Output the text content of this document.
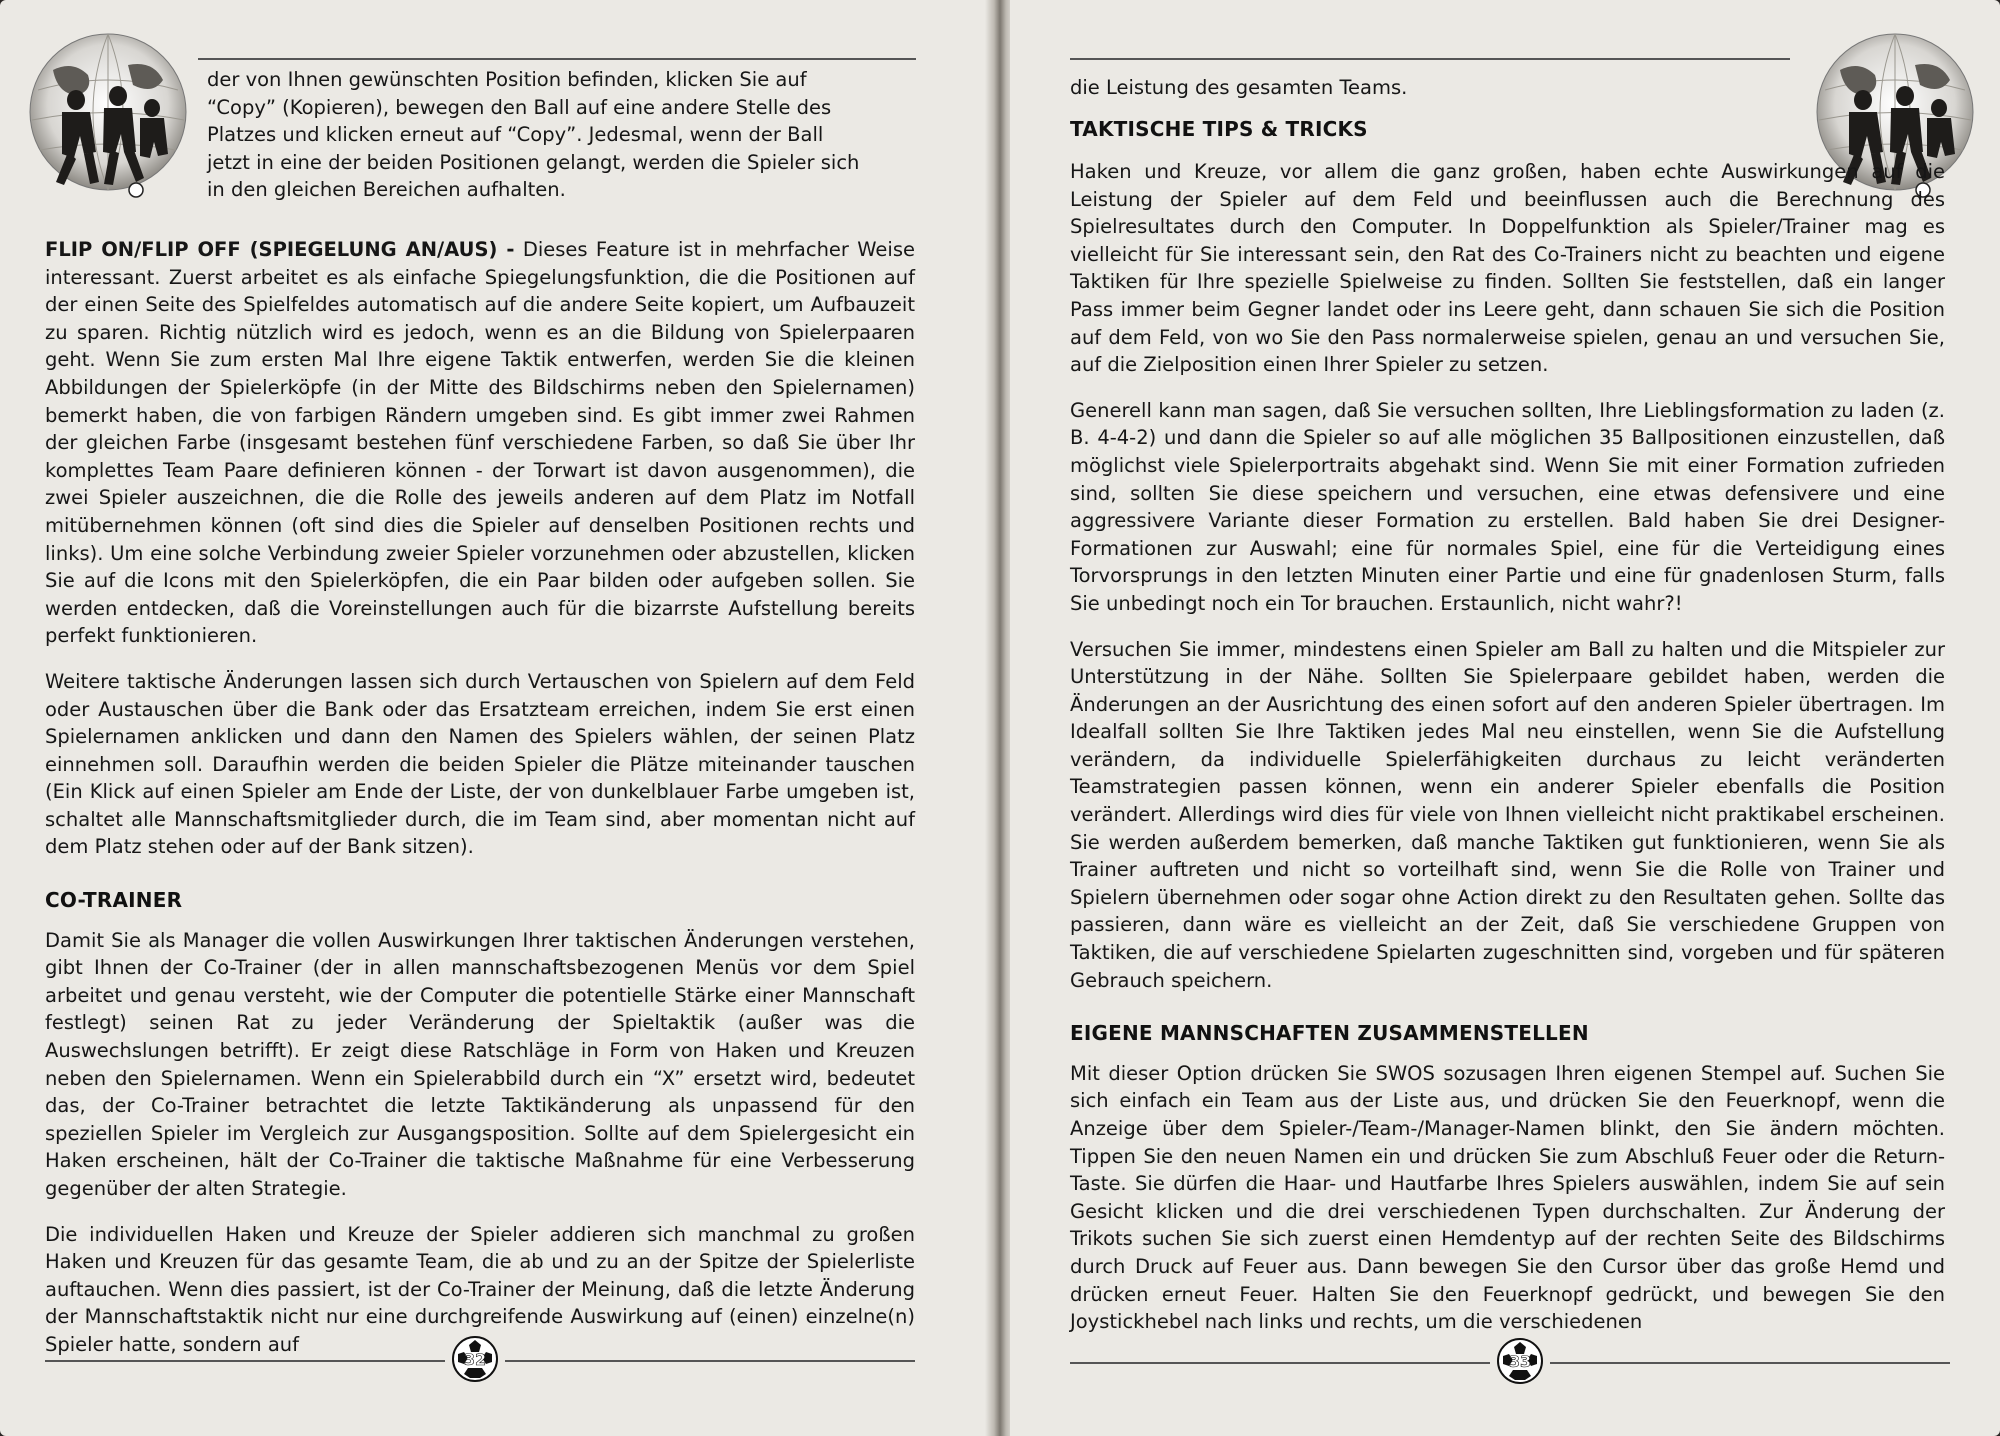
der von Ihnen gewünschten Position befinden, klicken Sie auf “Copy” (Kopieren), bewegen den Ball auf eine andere Stelle des Platzes und klicken erneut auf “Copy”. Jedesmal, wenn der Ball jetzt in eine der beiden Positionen gelangt, werden die Spieler sich in den gleichen Bereichen aufhalten.

FLIP ON/FLIP OFF (SPIEGELUNG AN/AUS) - Dieses Feature ist in mehrfacher Weise interessant. Zuerst arbeitet es als einfache Spiegelungsfunktion, die die Positionen auf der einen Seite des Spielfeldes automatisch auf die andere Seite kopiert, um Aufbauzeit zu sparen. Richtig nützlich wird es jedoch, wenn es an die Bildung von Spielerpaaren geht. Wenn Sie zum ersten Mal Ihre eigene Taktik entwerfen, werden Sie die kleinen Abbildungen der Spielerköpfe (in der Mitte des Bildschirms neben den Spielernamen) bemerkt haben, die von farbigen Rändern umgeben sind. Es gibt immer zwei Rahmen der gleichen Farbe (insgesamt bestehen fünf verschiedene Farben, so daß Sie über Ihr komplettes Team Paare definieren können - der Torwart ist davon ausgenommen), die zwei Spieler auszeichnen, die die Rolle des jeweils anderen auf dem Platz im Notfall mitübernehmen können (oft sind dies die Spieler auf denselben Positionen rechts und links). Um eine solche Verbindung zweier Spieler vorzunehmen oder abzustellen, klicken Sie auf die Icons mit den Spielerköpfen, die ein Paar bilden oder aufgeben sollen. Sie werden entdecken, daß die Voreinstellungen auch für die bizarrste Aufstellung bereits perfekt funktionieren.

Weitere taktische Änderungen lassen sich durch Vertauschen von Spielern auf dem Feld oder Austauschen über die Bank oder das Ersatzteam erreichen, indem Sie erst einen Spielernamen anklicken und dann den Namen des Spielers wählen, der seinen Platz einnehmen soll. Daraufhin werden die beiden Spieler die Plätze miteinander tauschen (Ein Klick auf einen Spieler am Ende der Liste, der von dunkelblauer Farbe umgeben ist, schaltet alle Mannschaftsmitglieder durch, die im Team sind, aber momentan nicht auf dem Platz stehen oder auf der Bank sitzen).

CO-TRAINER

Damit Sie als Manager die vollen Auswirkungen Ihrer taktischen Änderungen verstehen, gibt Ihnen der Co-Trainer (der in allen mannschaftsbezogenen Menüs vor dem Spiel arbeitet und genau versteht, wie der Computer die potentielle Stärke einer Mannschaft festlegt) seinen Rat zu jeder Veränderung der Spieltaktik (außer was die Auswechslungen betrifft). Er zeigt diese Ratschläge in Form von Haken und Kreuzen neben den Spielernamen. Wenn ein Spielerabbild durch ein “X” ersetzt wird, bedeutet das, der Co-Trainer betrachtet die letzte Taktikänderung als unpassend für den speziellen Spieler im Vergleich zur Ausgangsposition. Sollte auf dem Spielergesicht ein Haken erscheinen, hält der Co-Trainer die taktische Maßnahme für eine Verbesserung gegenüber der alten Strategie.

Die individuellen Haken und Kreuze der Spieler addieren sich manchmal zu großen Haken und Kreuzen für das gesamte Team, die ab und zu an der Spitze der Spielerliste auftauchen. Wenn dies passiert, ist der Co-Trainer der Meinung, daß die letzte Änderung der Mannschaftstaktik nicht nur eine durchgreifende Auswirkung auf (einen) einzelne(n) Spieler hatte, sondern auf

32

die Leistung des gesamten Teams.

TAKTISCHE TIPS & TRICKS

Haken und Kreuze, vor allem die ganz großen, haben echte Auswirkungen auf die Leistung der Spieler auf dem Feld und beeinflussen auch die Berechnung des Spielresultates durch den Computer. In Doppelfunktion als Spieler/Trainer mag es vielleicht für Sie interessant sein, den Rat des Co-Trainers nicht zu beachten und eigene Taktiken für Ihre spezielle Spielweise zu finden. Sollten Sie feststellen, daß ein langer Pass immer beim Gegner landet oder ins Leere geht, dann schauen Sie sich die Position auf dem Feld, von wo Sie den Pass normalerweise spielen, genau an und versuchen Sie, auf die Zielposition einen Ihrer Spieler zu setzen.

Generell kann man sagen, daß Sie versuchen sollten, Ihre Lieblingsformation zu laden (z. B. 4-4-2) und dann die Spieler so auf alle möglichen 35 Ballpositionen einzustellen, daß möglichst viele Spielerportraits abgehakt sind. Wenn Sie mit einer Formation zufrieden sind, sollten Sie diese speichern und versuchen, eine etwas defensivere und eine aggressivere Variante dieser Formation zu erstellen. Bald haben Sie drei Designer-Formationen zur Auswahl; eine für normales Spiel, eine für die Verteidigung eines Torvorsprungs in den letzten Minuten einer Partie und eine für gnadenlosen Sturm, falls Sie unbedingt noch ein Tor brauchen. Erstaunlich, nicht wahr?!

Versuchen Sie immer, mindestens einen Spieler am Ball zu halten und die Mitspieler zur Unterstützung in der Nähe. Sollten Sie Spielerpaare gebildet haben, werden die Änderungen an der Ausrichtung des einen sofort auf den anderen Spieler übertragen. Im Idealfall sollten Sie Ihre Taktiken jedes Mal neu einstellen, wenn Sie die Aufstellung verändern, da individuelle Spielerfähigkeiten durchaus zu leicht veränderten Teamstrategien passen können, wenn ein anderer Spieler ebenfalls die Position verändert. Allerdings wird dies für viele von Ihnen vielleicht nicht praktikabel erscheinen. Sie werden außerdem bemerken, daß manche Taktiken gut funktionieren, wenn Sie als Trainer auftreten und nicht so vorteilhaft sind, wenn Sie die Rolle von Trainer und Spielern übernehmen oder sogar ohne Action direkt zu den Resultaten gehen. Sollte das passieren, dann wäre es vielleicht an der Zeit, daß Sie verschiedene Gruppen von Taktiken, die auf verschiedene Spielarten zugeschnitten sind, vorgeben und für späteren Gebrauch speichern.

EIGENE MANNSCHAFTEN ZUSAMMENSTELLEN

Mit dieser Option drücken Sie SWOS sozusagen Ihren eigenen Stempel auf. Suchen Sie sich einfach ein Team aus der Liste aus, und drücken Sie den Feuerknopf, wenn die Anzeige über dem Spieler-/Team-/Manager-Namen blinkt, den Sie ändern möchten. Tippen Sie den neuen Namen ein und drücken Sie zum Abschluß Feuer oder die Return-Taste. Sie dürfen die Haar- und Hautfarbe Ihres Spielers auswählen, indem Sie auf sein Gesicht klicken und die drei verschiedenen Typen durchschalten. Zur Änderung der Trikots suchen Sie sich zuerst einen Hemdentyp auf der rechten Seite des Bildschirms durch Druck auf Feuer aus. Dann bewegen Sie den Cursor über das große Hemd und drücken erneut Feuer. Halten Sie den Feuerknopf gedrückt, und bewegen Sie den Joystickhebel nach links und rechts, um die verschiedenen

33
